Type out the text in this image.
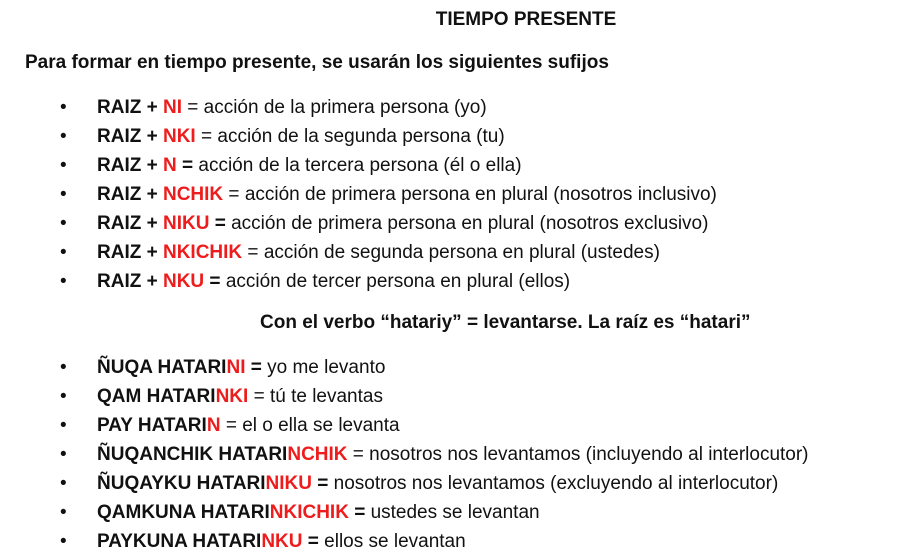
TIEMPO PRESENTE
Para formar en tiempo presente, se usarán los siguientes sufijos
• RAIZ + NI = acción de la primera persona (yo)
• RAIZ + NKI = acción de la segunda persona (tu)
• RAIZ + N = acción de la tercera persona (él o ella)
• RAIZ + NCHIK = acción de primera persona en plural (nosotros inclusivo)
• RAIZ + NIKU = acción de primera persona en plural (nosotros exclusivo)
• RAIZ + NKICHIK = acción de segunda persona en plural (ustedes)
• RAIZ + NKU = acción de tercer persona en plural (ellos)
Con el verbo “hatariy” = levantarse. La raíz es “hatari”
• ÑUQA HATARINI = yo me levanto
• QAM HATARINKI = tú te levantas
• PAY HATARIN = el o ella se levanta
• ÑUQANCHIK HATARINCHIK = nosotros nos levantamos (incluyendo al interlocutor)
• ÑUQAYKU HATARINIKU = nosotros nos levantamos (excluyendo al interlocutor)
• QAMKUNA HATARINKICHIK = ustedes se levantan
• PAYKUNA HATARINKU = ellos se levantan
